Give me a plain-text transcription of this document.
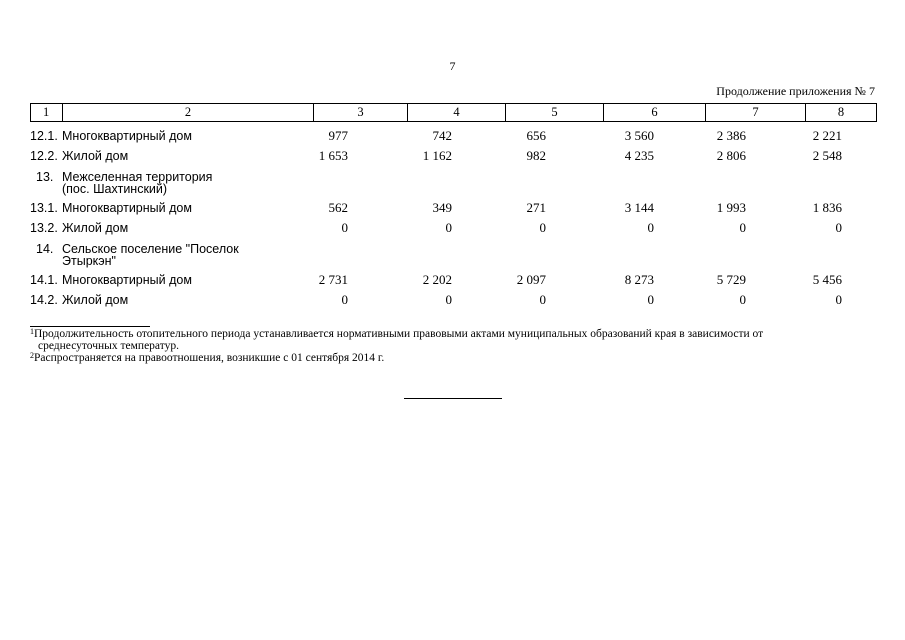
7
Продолжение приложения № 7
1	2	3	4	5	6	7	8
12.1. Многоквартирный дом	977	742	656	3 560	2 386	2 221
12.2. Жилой дом	1 653	1 162	982	4 235	2 806	2 548
13. Межселенная территория
(пос. Шахтинский)
13.1. Многоквартирный дом	562	349	271	3 144	1 993	1 836
13.2. Жилой дом	0	0	0	0	0	0
14. Сельское поселение "Поселок
Этыркэн"
14.1. Многоквартирный дом	2 731	2 202	2 097	8 273	5 729	5 456
14.2. Жилой дом	0	0	0	0	0	0

$^1$Продолжительность отопительного периода устанавливается нормативными правовыми актами муниципальных образований края в зависимости от

среднесуточных температур.

$^2$Распространяется на правоотношения, возникшие с 01 сентября 2014 г.
